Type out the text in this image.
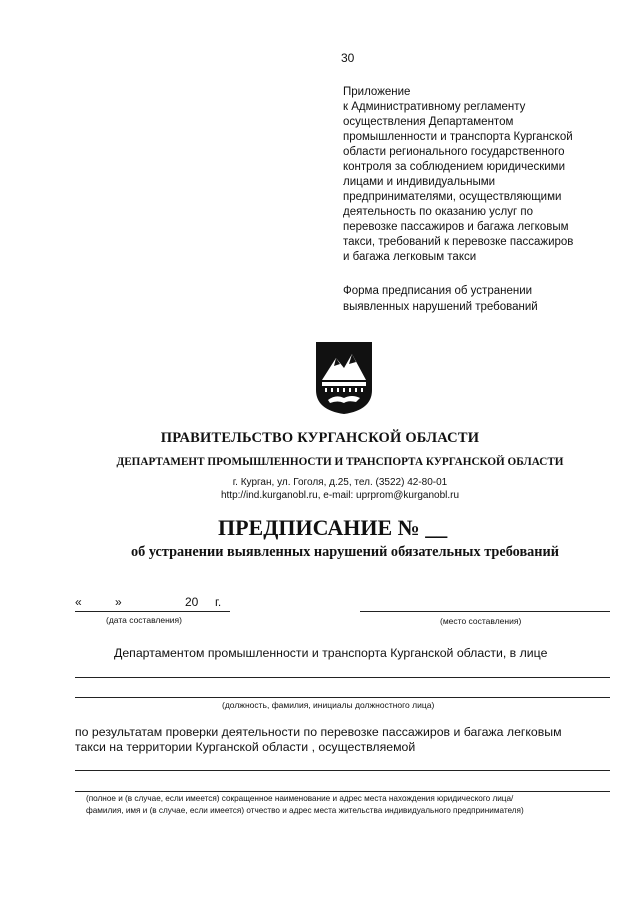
30
Приложение
к Административному регламенту
осуществления Департаментом
промышленности и транспорта Курганской
области регионального государственного
контроля за соблюдением юридическими
лицами и индивидуальными
предпринимателями, осуществляющими
деятельность по оказанию услуг по
перевозке пассажиров и багажа легковым
такси, требований к перевозке пассажиров
и багажа легковым такси
Форма предписания об устранении
выявленных нарушений требований
ПРАВИТЕЛЬСТВО КУРГАНСКОЙ ОБЛАСТИ
ДЕПАРТАМЕНТ ПРОМЫШЛЕННОСТИ И ТРАНСПОРТА КУРГАНСКОЙ ОБЛАСТИ
г. Курган, ул. Гоголя, д.25, тел. (3522) 42-80-01
http://ind.kurganobl.ru, e-mail: uprprom@kurganobl.ru
ПРЕДПИСАНИЕ № __
об устранении выявленных нарушений обязательных требований
«	»	20 г.
(дата составления)	(место составления)
Департаментом промышленности и транспорта Курганской области, в лице
(должность, фамилия, инициалы должностного лица)
по результатам проверки деятельности по перевозке пассажиров и багажа легковым
такси на территории Курганской области , осуществляемой
(полное и (в случае, если имеется) сокращенное наименование и адрес места нахождения юридического лица/
фамилия, имя и (в случае, если имеется) отчество и адрес места жительства индивидуального предпринимателя)
